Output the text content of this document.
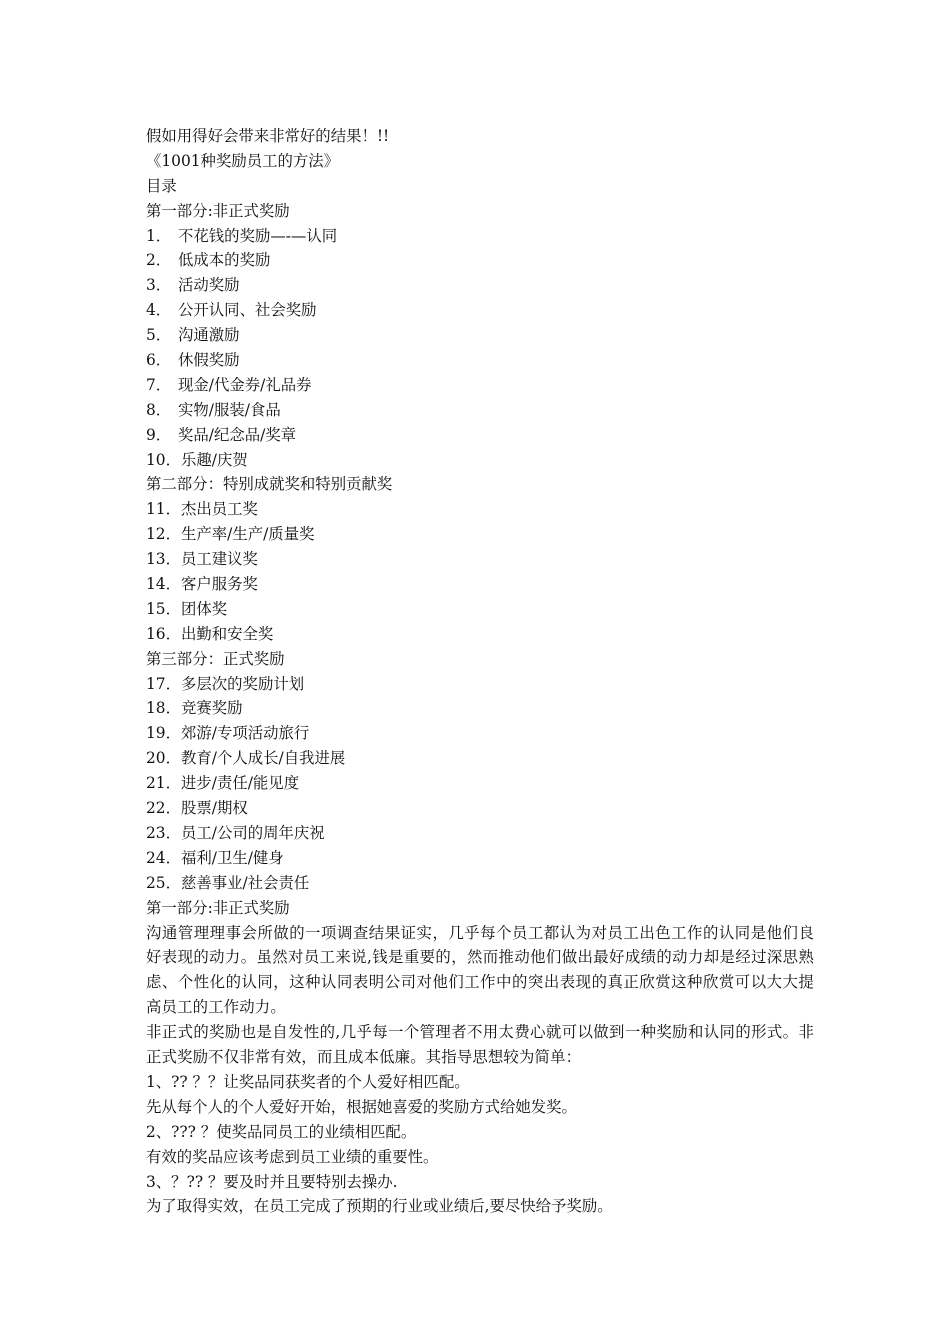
假如用得好会带来非常好的结果！!!
《1001种奖励员工的方法》
目录
第一部分:非正式奖励
1． 不花钱的奖励—-—认同
2． 低成本的奖励
3． 活动奖励
4． 公开认同、社会奖励
5． 沟通激励
6． 休假奖励
7． 现金/代金券/礼品券
8． 实物/服装/食品
9． 奖品/纪念品/奖章
10．乐趣/庆贺
第二部分：特别成就奖和特别贡献奖
11．杰出员工奖
12．生产率/生产/质量奖
13．员工建议奖
14．客户服务奖
15．团体奖
16．出勤和安全奖
第三部分：正式奖励
17．多层次的奖励计划
18．竞赛奖励
19．郊游/专项活动旅行
20．教育/个人成长/自我进展
21．进步/责任/能见度
22．股票/期权
23．员工/公司的周年庆祝
24．福利/卫生/健身
25．慈善事业/社会责任
第一部分:非正式奖励
沟通管理理事会所做的一项调查结果证实，几乎每个员工都认为对员工出色工作的认同是他们良好表现的动力。虽然对员工来说,钱是重要的，然而推动他们做出最好成绩的动力却是经过深思熟虑、个性化的认同，这种认同表明公司对他们工作中的突出表现的真正欣赏这种欣赏可以大大提高员工的工作动力。
非正式的奖励也是自发性的,几乎每一个管理者不用太费心就可以做到一种奖励和认同的形式。非正式奖励不仅非常有效，而且成本低廉。其指导思想较为简单：
1、?? ？？让奖品同获奖者的个人爱好相匹配。
先从每个人的个人爱好开始，根据她喜爱的奖励方式给她发奖。
2、??? ？使奖品同员工的业绩相匹配。
有效的奖品应该考虑到员工业绩的重要性。
3、？?? ？要及时并且要特别去操办.
为了取得实效，在员工完成了预期的行业或业绩后,要尽快给予奖励。
